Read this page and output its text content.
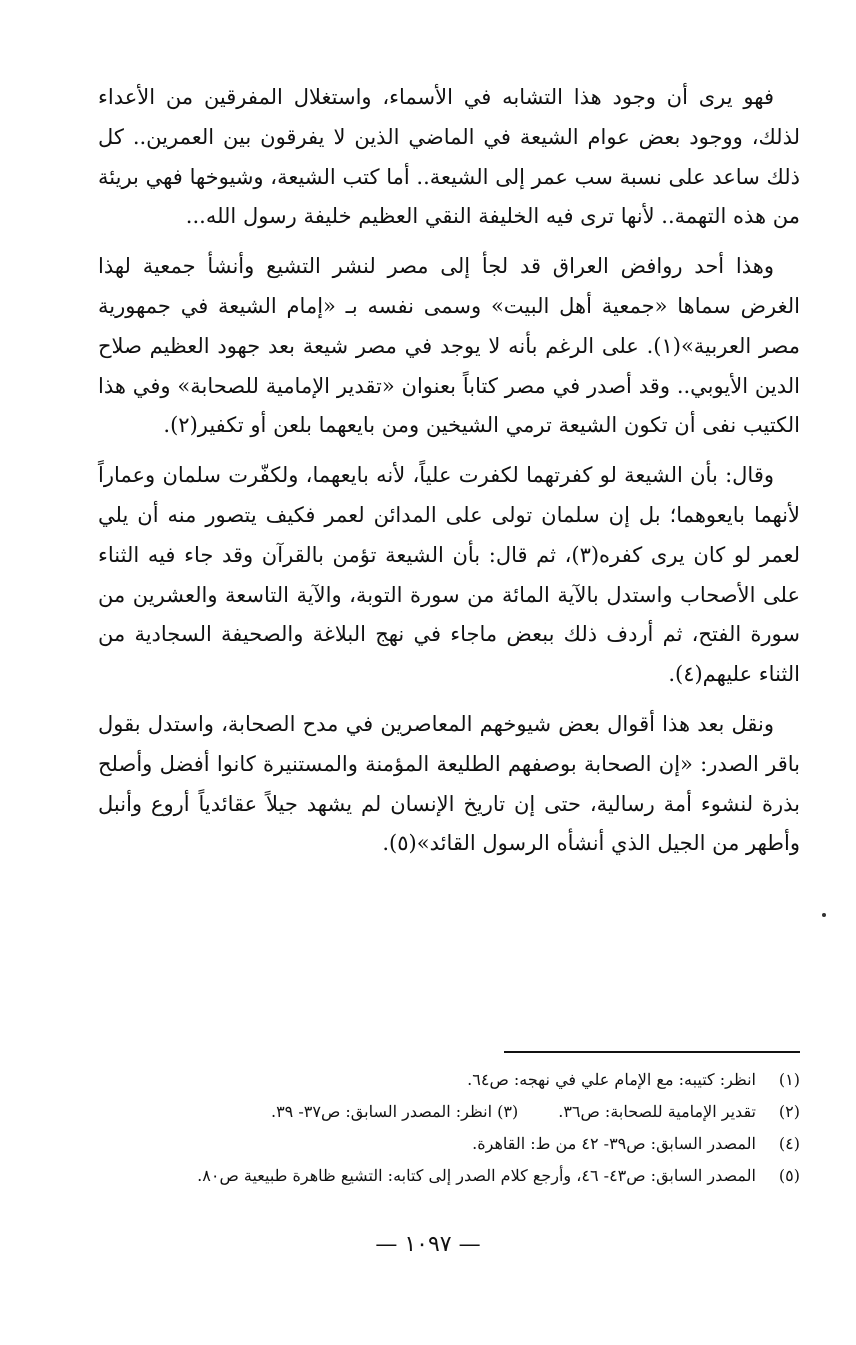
فهو يرى أن وجود هذا التشابه في الأسماء، واستغلال المفرقين من الأعداء لذلك، ووجود بعض عوام الشيعة في الماضي الذين لا يفرقون بين العمرين.. كل ذلك ساعد على نسبة سب عمر إلى الشيعة.. أما كتب الشيعة، وشيوخها فهي بريئة من هذه التهمة.. لأنها ترى فيه الخليفة النقي العظيم خليفة رسول الله...

وهذا أحد روافض العراق قد لجأ إلى مصر لنشر التشيع وأنشأ جمعية لهذا الغرض سماها «جمعية أهل البيت» وسمى نفسه بـ «إمام الشيعة في جمهورية مصر العربية»(١). على الرغم بأنه لا يوجد في مصر شيعة بعد جهود العظيم صلاح الدين الأيوبي.. وقد أصدر في مصر كتاباً بعنوان «تقدير الإمامية للصحابة» وفي هذا الكتيب نفى أن تكون الشيعة ترمي الشيخين ومن بايعهما بلعن أو تكفير(٢).

وقال: بأن الشيعة لو كفرتهما لكفرت علياً، لأنه بايعهما، ولكفّرت سلمان وعماراً لأنهما بايعوهما؛ بل إن سلمان تولى على المدائن لعمر فكيف يتصور منه أن يلي لعمر لو كان يرى كفره(٣)، ثم قال: بأن الشيعة تؤمن بالقرآن وقد جاء فيه الثناء على الأصحاب واستدل بالآية المائة من سورة التوبة، والآية التاسعة والعشرين من سورة الفتح، ثم أردف ذلك ببعض ماجاء في نهج البلاغة والصحيفة السجادية من الثناء عليهم(٤).

ونقل بعد هذا أقوال بعض شيوخهم المعاصرين في مدح الصحابة، واستدل بقول باقر الصدر: «إن الصحابة بوصفهم الطليعة المؤمنة والمستنيرة كانوا أفضل وأصلح بذرة لنشوء أمة رسالية، حتى إن تاريخ الإنسان لم يشهد جيلاً عقائدياً أروع وأنبل وأطهر من الجيل الذي أنشأه الرسول القائد»(٥).

(١)
انظر: كتيبه: مع الإمام علي في نهجه: ص٦٤.
(٢)
تقدير الإمامية للصحابة: ص٣٦.
(٣) انظر: المصدر السابق: ص٣٧- ٣٩.
(٤)
المصدر السابق: ص٣٩- ٤٢ من ط: القاهرة.
(٥)
المصدر السابق: ص٤٣- ٤٦، وأرجع كلام الصدر إلى كتابه: التشيع ظاهرة طبيعية ص٨٠.
— ١٠٩٧ —
